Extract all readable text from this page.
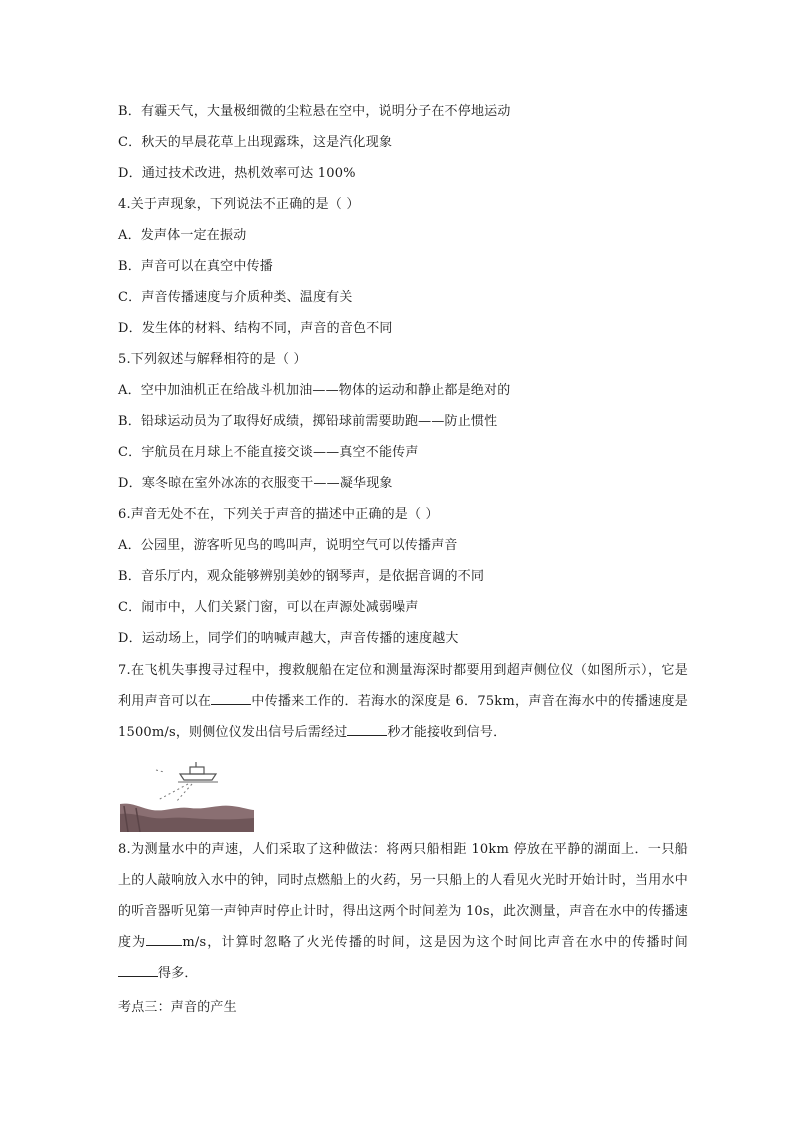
B．有霾天气，大量极细微的尘粒悬在空中，说明分子在不停地运动
C．秋天的早晨花草上出现露珠，这是汽化现象
D．通过技术改进，热机效率可达 100%
4.关于声现象，下列说法不正确的是（ ）
A．发声体一定在振动
B．声音可以在真空中传播
C．声音传播速度与介质种类、温度有关
D．发生体的材料、结构不同，声音的音色不同
5.下列叙述与解释相符的是（ ）
A．空中加油机正在给战斗机加油——物体的运动和静止都是绝对的
B．铅球运动员为了取得好成绩，掷铅球前需要助跑——防止惯性
C．宇航员在月球上不能直接交谈——真空不能传声
D．寒冬晾在室外冰冻的衣服变干——凝华现象
6.声音无处不在，下列关于声音的描述中正确的是（ ）
A．公园里，游客听见鸟的鸣叫声，说明空气可以传播声音
B．音乐厅内，观众能够辨别美妙的钢琴声，是依据音调的不同
C．闹市中，人们关紧门窗，可以在声源处减弱噪声
D．运动场上，同学们的呐喊声越大，声音传播的速度越大
7.在飞机失事搜寻过程中，搜救舰船在定位和测量海深时都要用到超声侧位仪（如图所示），它是利用声音可以在	中传播来工作的．若海水的深度是 6．75km，声音在海水中的传播速度是 1500m/s，则侧位仪发出信号后需经过	秒才能接收到信号．
8.为测量水中的声速，人们采取了这种做法：将两只船相距 10km 停放在平静的湖面上．一只船上的人敲响放入水中的钟，同时点燃船上的火药，另一只船上的人看见火光时开始计时，当用水中的听音器听见第一声钟声时停止计时，得出这两个时间差为 10s，此次测量，声音在水中的传播速度为	m/s，计算时忽略了火光传播的时间，这是因为这个时间比声音在水中的传播时间得多．
考点三：声音的产生
